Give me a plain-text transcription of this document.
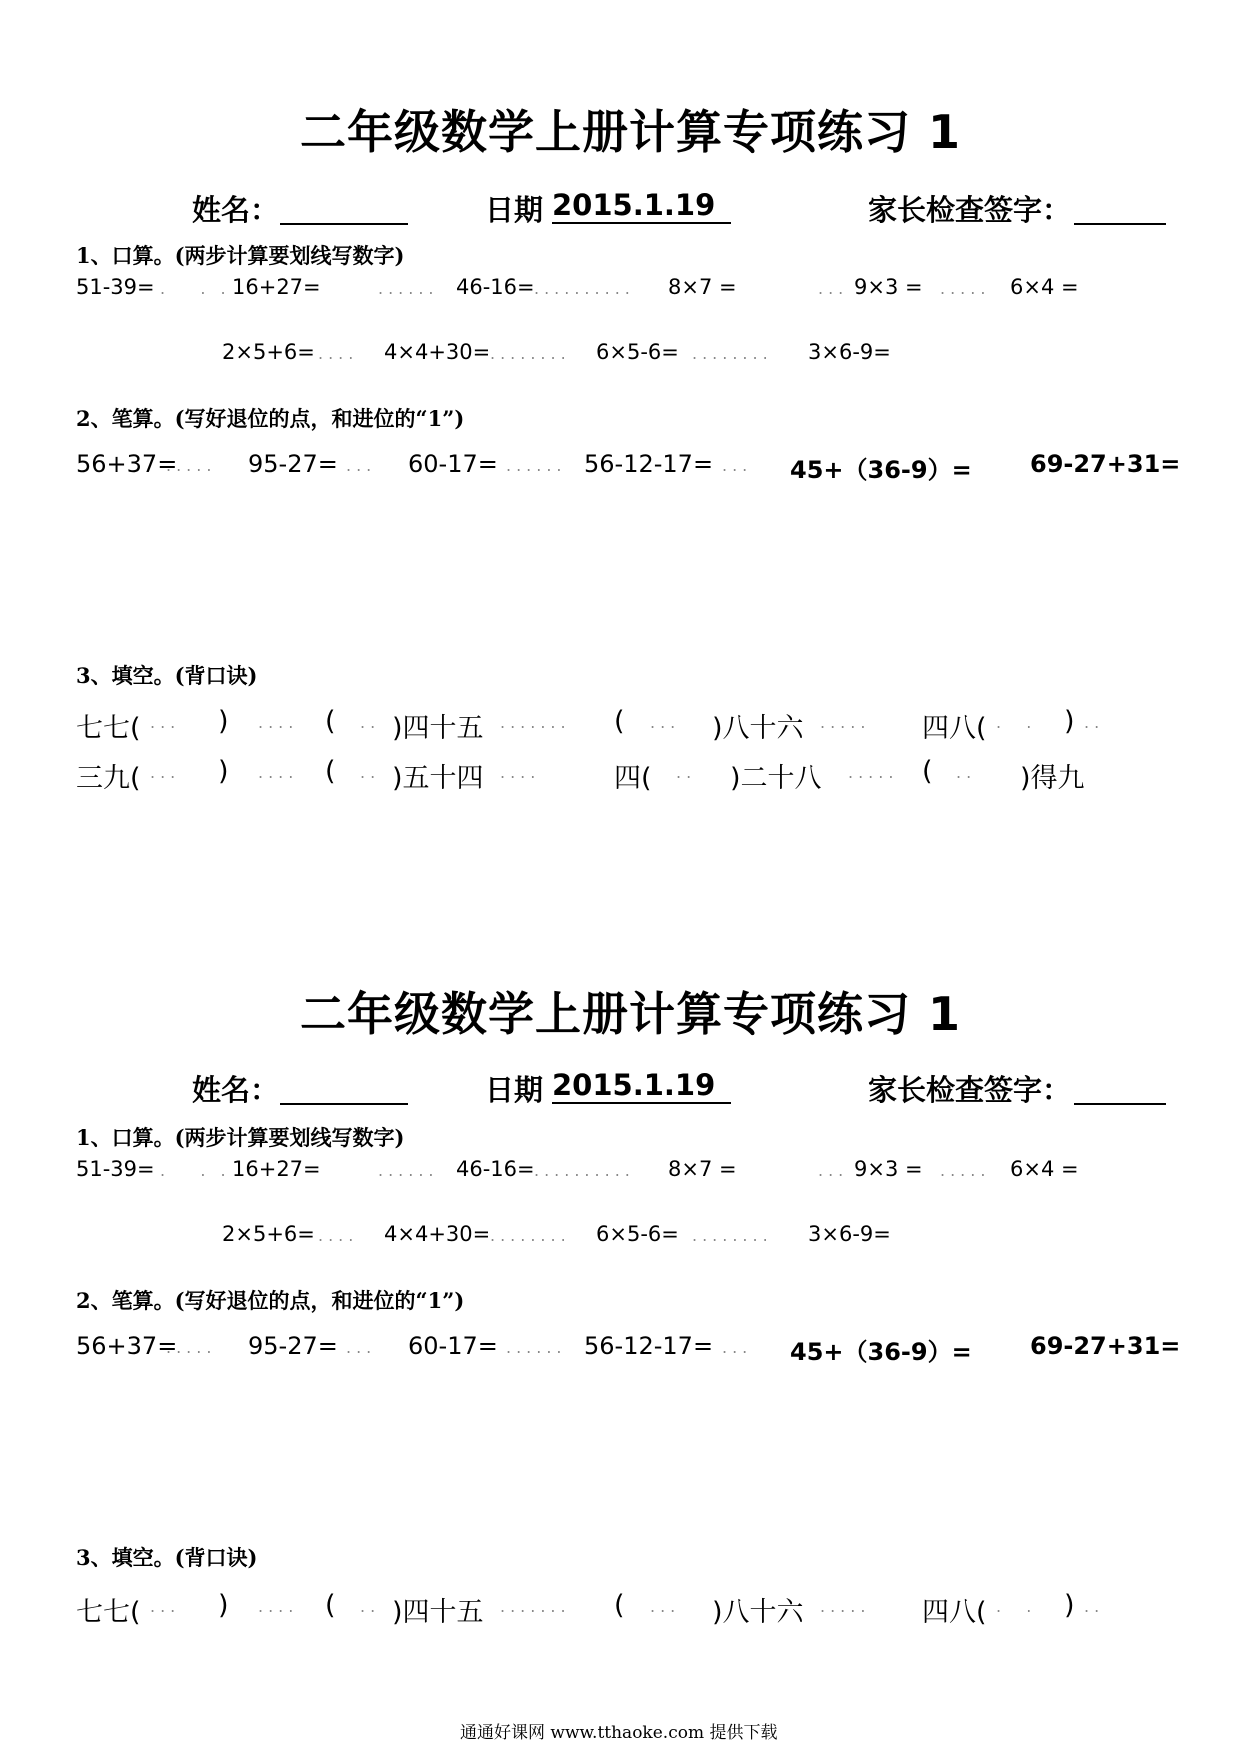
二年级数学上册计算专项练习 1
姓名：	日期 2015.1.19	家长检查签字：
1、口算。(两步计算要划线写数字)
51-39= .   . . 16+27=	...... 46-16= .......... 8×7 =	... 9×3 = ..... 6×4 =
2×5+6= .... 4×4+30= ........ 6×5-6= ........ 3×6-9=
2、笔算。(写好退位的点，和进位的“1”)
56+37=
..... 95-27= ... 60-17= ...... 56-12-17= ... 45+（36-9）= 69-27+31=
3、填空。(背口诀)
七七( ... ) .... ( .. )四十五 ....... ( ... )八十六 ..... 四八( .  . ) ..
三九( ... ) .... ( .. )五十四 ....	四( .. )二十八 ..... ( .. )得九
二年级数学上册计算专项练习 1
姓名：	日期 2015.1.19	家长检查签字：
1、口算。(两步计算要划线写数字)
51-39= .   . . 16+27=	...... 46-16= .......... 8×7 =	... 9×3 = ..... 6×4 =
2×5+6= .... 4×4+30= ........ 6×5-6= ........ 3×6-9=
2、笔算。(写好退位的点，和进位的“1”)
56+37=
..... 95-27= ... 60-17= ...... 56-12-17= ... 45+（36-9）= 69-27+31=
3、填空。(背口诀)
七七( ... ) .... ( .. )四十五 ....... ( ... )八十六 ..... 四八( .  . ) ..
通通好课网 www.tthaoke.com 提供下载
